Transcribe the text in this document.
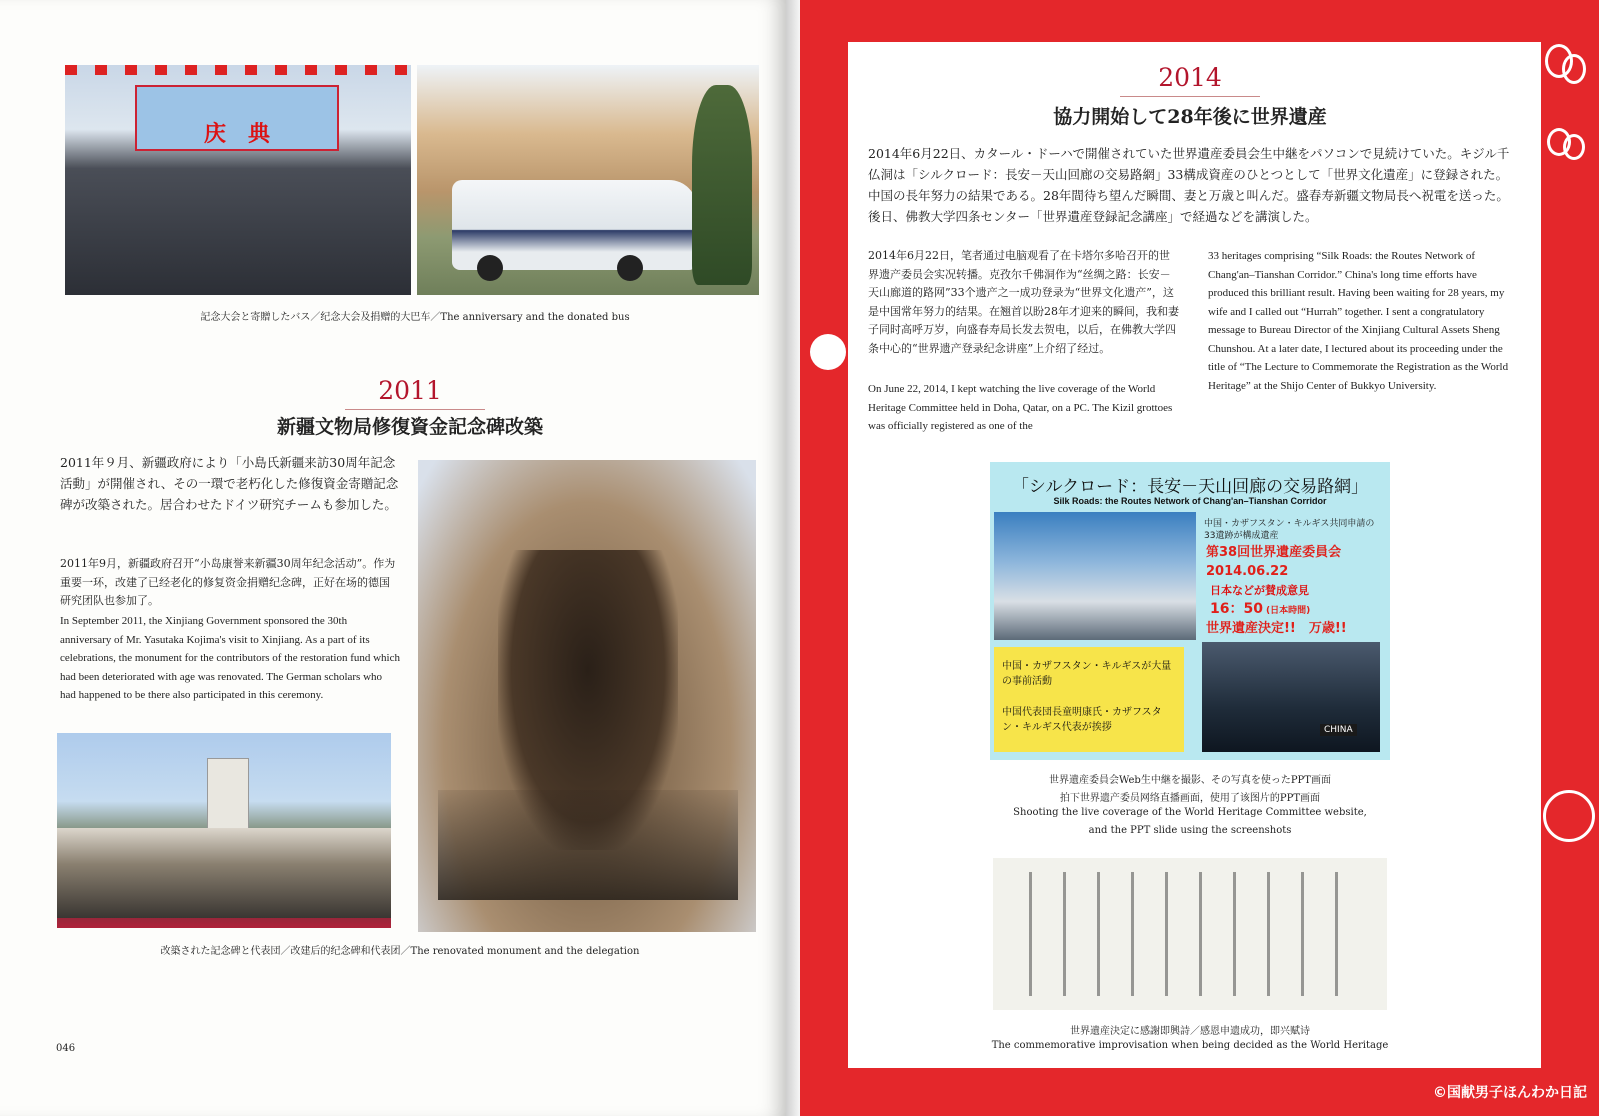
庆　典
記念大会と寄贈したバス／纪念大会及捐赠的大巴车／The anniversary and the donated bus
2011
新疆文物局修復資金記念碑改築
2011年９月、新疆政府により「小島氏新疆来訪30周年記念活動」が開催され、その一環で老朽化した修復資金寄贈記念碑が改築された。居合わせたドイツ研究チームも参加した。
2011年9月，新疆政府召开“小岛康誉来新疆30周年纪念活动”。作为重要一环，改建了已经老化的修复资金捐赠纪念碑，正好在场的德国研究团队也参加了。
In September 2011, the Xinjiang Government sponsored the 30th anniversary of Mr. Yasutaka Kojima's visit to Xinjiang. As a part of its celebrations, the monument for the contributors of the restoration fund which had been deteriorated with age was renovated. The German scholars who had happened to be there also participated in this ceremony.
改築された記念碑と代表団／改建后的纪念碑和代表团／The renovated monument and the delegation
046
2014
協力開始して28年後に世界遺産
2014年6月22日、カタール・ドーハで開催されていた世界遺産委員会生中継をパソコンで見続けていた。キジル千仏洞は「シルクロード：長安－天山回廊の交易路網」33構成資産のひとつとして「世界文化遺産」に登録された。中国の長年努力の結果である。28年間待ち望んだ瞬間、妻と万歳と叫んだ。盛春寿新疆文物局長へ祝電を送った。後日、佛教大学四条センター「世界遺産登録記念講座」で経過などを講演した。
2014年6月22日，笔者通过电脑观看了在卡塔尔多哈召开的世界遗产委员会实况转播。克孜尔千佛洞作为“丝绸之路：长安－天山廊道的路网”33个遗产之一成功登录为“世界文化遗产”，这是中国常年努力的结果。在翘首以盼28年才迎来的瞬间，我和妻子同时高呼万岁，向盛春寿局长发去贺电，以后，在佛教大学四条中心的“世界遗产登录纪念讲座”上介绍了经过。
On June 22, 2014, I kept watching the live coverage of the World Heritage Committee held in Doha, Qatar, on a PC. The Kizil grottoes was officially registered as one of the
33 heritages comprising “Silk Roads: the Routes Network of Chang'an–Tianshan Corridor.” China's long time efforts have produced this brilliant result. Having been waiting for 28 years, my wife and I called out “Hurrah” together. I sent a congratulatory message to Bureau Director of the Xinjiang Cultural Assets Sheng Chunshou. At a later date, I lectured about its proceeding under the title of “The Lecture to Commemorate the Registration as the World Heritage” at the Shijo Center of Bukkyo University.
「シルクロード：長安－天山回廊の交易路網」
Silk Roads: the Routes Network of Chang'an–Tianshan Corridor
中国・カザフスタン・キルギス共同申請の33遺跡が構成遺産
第38回世界遺産委員会
2014.06.22
日本などが賛成意見
16：50 (日本時間)
世界遺産決定!!　万歳!!
中国・カザフスタン・キルギスが大量の事前活動
中国代表団長童明康氏・カザフスタン・キルギス代表が挨拶	CHINA
世界遺産委員会Web生中継を撮影、その写真を使ったPPT画面
拍下世界遗产委员网络直播画面，使用了该图片的PPT画面
Shooting the live coverage of the World Heritage Committee website,
and the PPT slide using the screenshots
世界遺産決定に感謝即興詩／感恩申遗成功，即兴赋诗
The commemorative improvisation when being decided as the World Heritage
©国献男子ほんわか日記
